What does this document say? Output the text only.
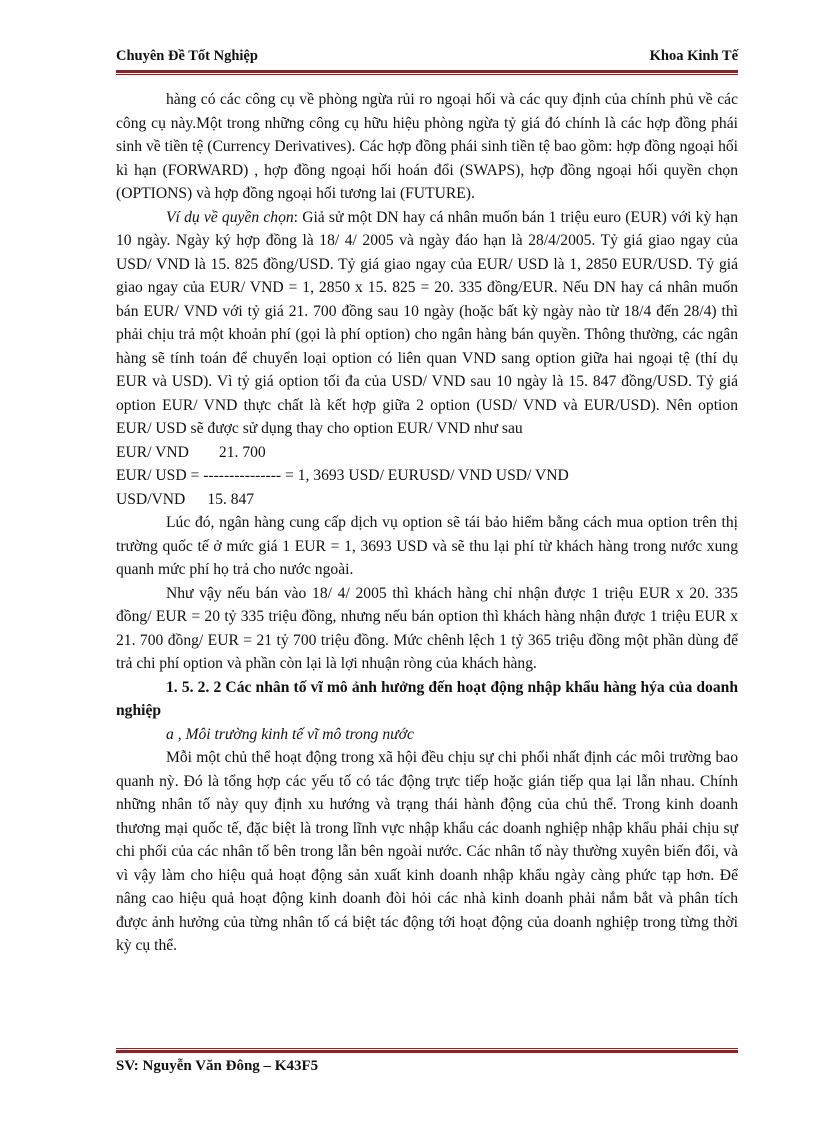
Chuyên Đề Tốt Nghiệp	Khoa Kinh Tế

hàng có các công cụ về phòng ngừa rủi ro ngoại hối và các quy định của chính phủ về các công cụ này.Một trong những công cụ hữu hiệu phòng ngừa tỷ giá đó chính là các hợp đồng phái sinh về tiền tệ (Currency Derivatives). Các hợp đồng phái sinh tiền tệ bao gồm: hợp đồng ngoại hối kì hạn (FORWARD) , hợp đồng ngoại hối hoán đổi (SWAPS), hợp đồng ngoại hối quyền chọn (OPTIONS) và hợp đồng ngoại hối tương lai (FUTURE).

Ví dụ về quyền chọn: Giả sử một DN hay cá nhân muốn bán 1 triệu euro (EUR) với kỳ hạn 10 ngày. Ngày ký hợp đồng là 18/ 4/ 2005 và ngày đáo hạn là 28/4/2005. Tỷ giá giao ngay của USD/ VND là 15. 825 đồng/USD. Tỷ giá giao ngay của EUR/ USD là 1, 2850 EUR/USD. Tỷ giá giao ngay của EUR/ VND = 1, 2850 x 15. 825 = 20. 335 đồng/EUR. Nếu DN hay cá nhân muốn bán EUR/ VND với tỷ giá 21. 700 đồng sau 10 ngày (hoặc bất kỳ ngày nào từ 18/4 đến 28/4) thì phải chịu trả một khoản phí (gọi là phí option) cho ngân hàng bán quyền. Thông thường, các ngân hàng sẽ tính toán để chuyển loại option có liên quan VND sang option giữa hai ngoại tệ (thí dụ EUR và USD). Vì tỷ giá option tối đa của USD/ VND sau 10 ngày là 15. 847 đồng/USD. Tỷ giá option EUR/ VND thực chất là kết hợp giữa 2 option (USD/ VND và EUR/USD). Nên option EUR/ USD sẽ được sử dụng thay cho option EUR/ VND như sau

EUR/ VND 21. 700

EUR/ USD = --------------- = 1, 3693 USD/ EURUSD/ VND USD/ VND

USD/VND 15. 847

Lúc đó, ngân hàng cung cấp dịch vụ option sẽ tái bảo hiểm bằng cách mua option trên thị trường quốc tế ở mức giá 1 EUR = 1, 3693 USD và sẽ thu lại phí từ khách hàng trong nước xung quanh mức phí họ trả cho nước ngoài.

Như vậy nếu bán vào 18/ 4/ 2005 thì khách hàng chỉ nhận được 1 triệu EUR x 20. 335 đồng/ EUR = 20 tỷ 335 triệu đồng, nhưng nếu bán option thì khách hàng nhận được 1 triệu EUR x 21. 700 đồng/ EUR = 21 tỷ 700 triệu đồng. Mức chênh lệch 1 tỷ 365 triệu đồng một phần dùng để trả chi phí option và phần còn lại là lợi nhuận ròng của khách hàng.

1. 5. 2. 2 Các nhân tố vĩ mô ảnh hưởng đến hoạt động nhập khẩu hàng hýa của doanh nghiệp

a , Môi trường kinh tế vĩ mô trong nước

Mỗi một chủ thể hoạt động trong xã hội đều chịu sự chi phối nhất định các môi trường bao quanh nỳ. Đó là tổng hợp các yếu tố có tác động trực tiếp hoặc gián tiếp qua lại lẫn nhau. Chính những nhân tố này quy định xu hướng và trạng thái hành động của chủ thể. Trong kinh doanh thương mại quốc tế, đặc biệt là trong lĩnh vực nhập khẩu các doanh nghiệp nhập khẩu phải chịu sự chi phối của các nhân tố bên trong lẫn bên ngoài nước. Các nhân tố này thường xuyên biến đổi, và vì vậy làm cho hiệu quả hoạt động sản xuất kinh doanh nhập khẩu ngày càng phức tạp hơn. Để nâng cao hiệu quả hoạt động kinh doanh đòi hỏi các nhà kinh doanh phải nắm bắt và phân tích được ảnh hưởng của từng nhân tố cá biệt tác động tới hoạt động của doanh nghiệp trong từng thời kỳ cụ thể.

SV: Nguyễn Văn Đông – K43F5
